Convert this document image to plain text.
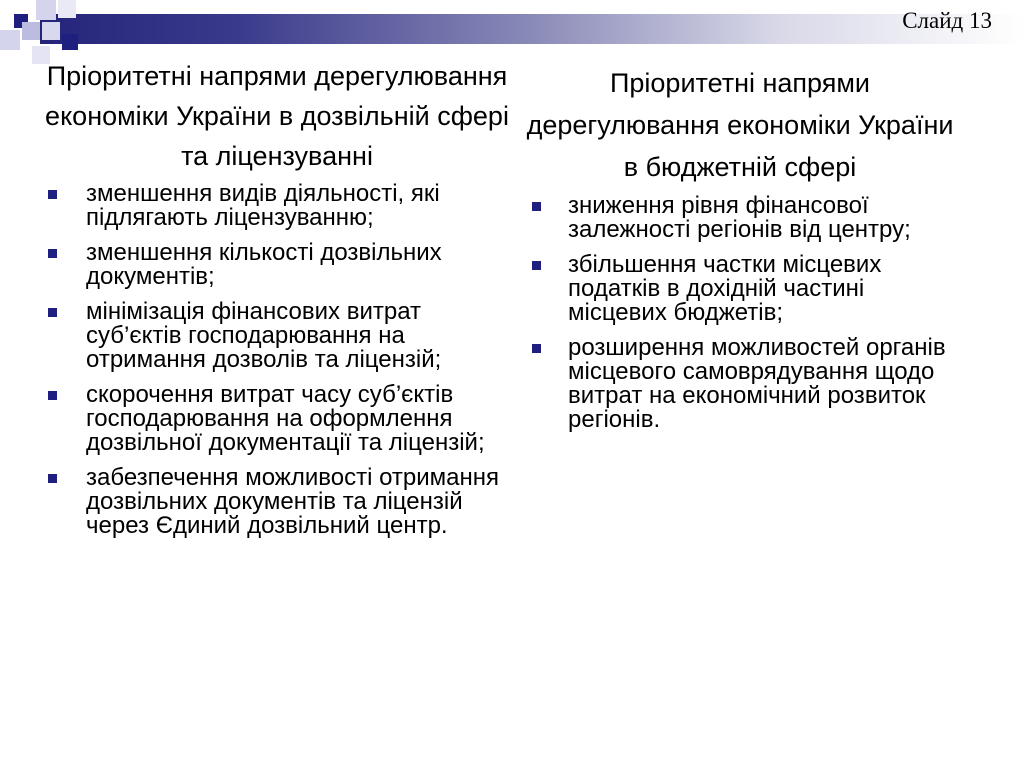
Слайд 13
Пріоритетні напрями дерегулювання економіки України в дозвільній сфері та ліцензуванні
зменшення видів діяльності, які підлягають ліцензуванню;
зменшення кількості дозвільних документів;
мінімізація фінансових витрат суб’єктів господарювання на отримання дозволів та ліцензій;
скорочення витрат часу суб’єктів господарювання на оформлення дозвільної документації та ліцензій;
забезпечення можливості отримання дозвільних документів та ліцензій через Єдиний дозвільний центр.
Пріоритетні напрями дерегулювання економіки України в бюджетній сфері
зниження рівня фінансової залежності регіонів від центру;
збільшення частки місцевих податків в дохідній частині місцевих бюджетів;
розширення можливостей органів місцевого самоврядування щодо витрат на економічний розвиток регіонів.
